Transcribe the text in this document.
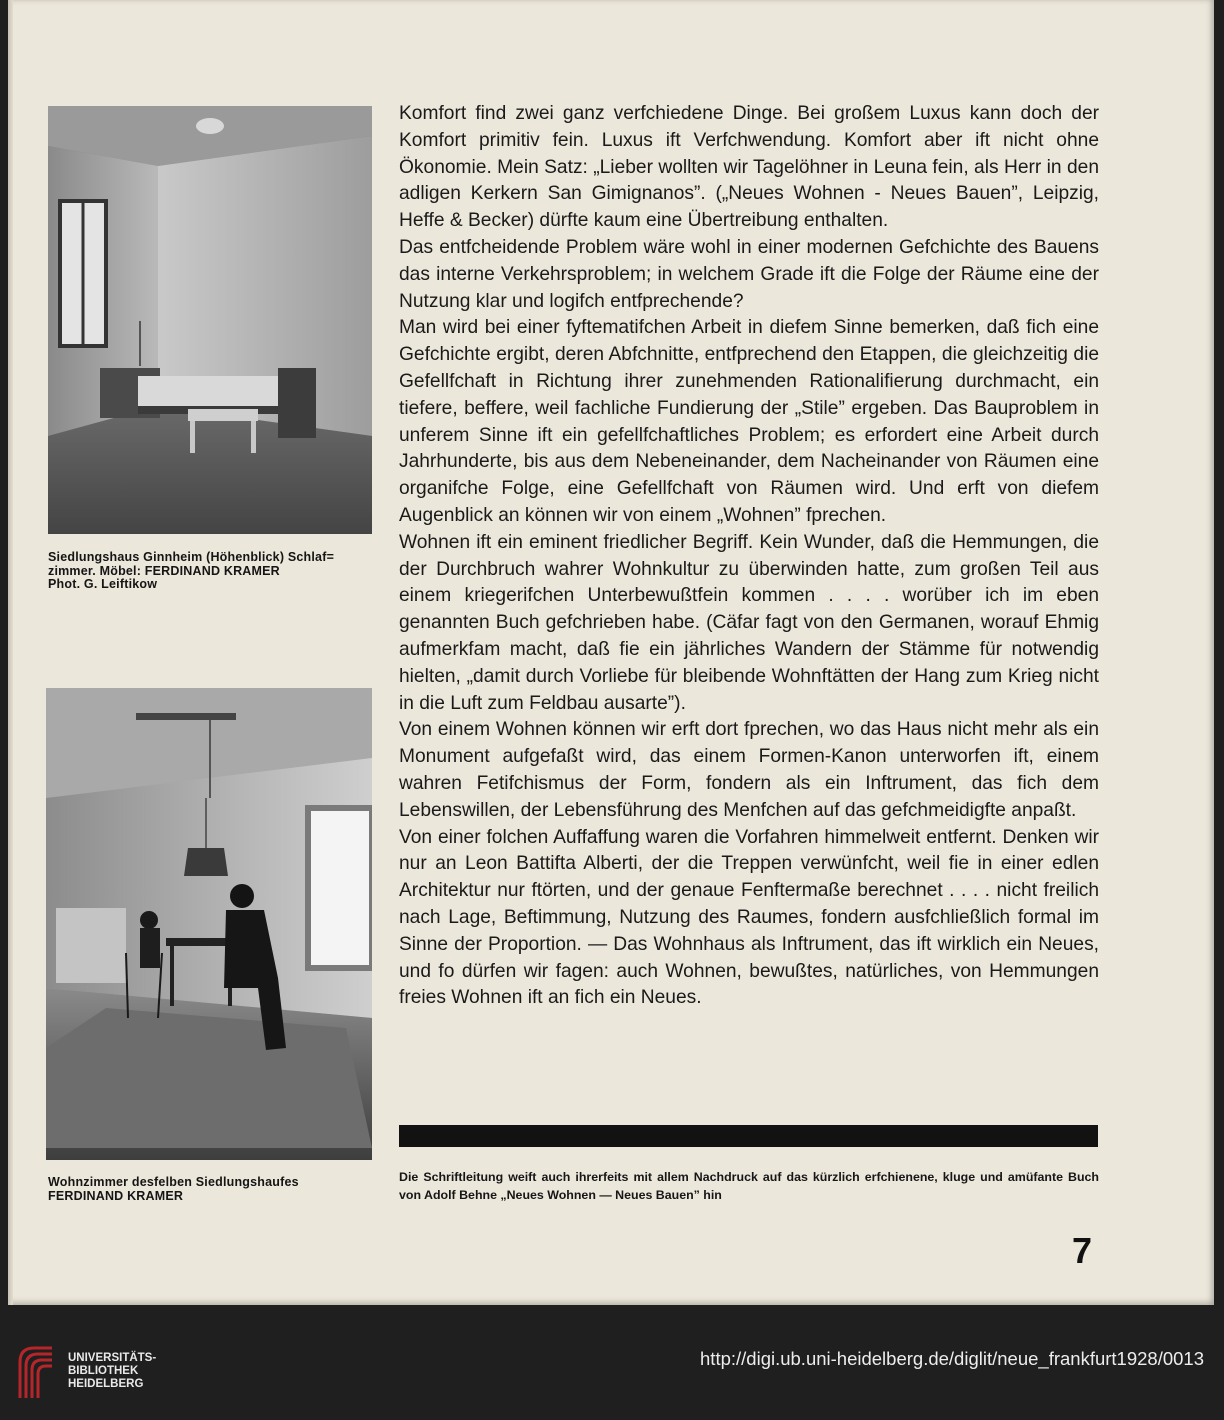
Siedlungshaus Ginnheim (Höhenblick) Schlaf=
zimmer. Möbel: FERDINAND KRAMER
Phot. G. Leiftikow
Wohnzimmer desfelben Siedlungshaufes
FERDINAND KRAMER

Komfort find zwei ganz verfchiedene Dinge. Bei großem Luxus kann doch der Komfort primitiv fein. Luxus ift Verfchwendung. Komfort aber ift nicht ohne Ökonomie. Mein Satz: „Lieber wollten wir Tagelöhner in Leuna fein, als Herr in den adligen Kerkern San Gimignanos”. („Neues Wohnen - Neues Bauen”, Leipzig, Heffe & Becker) dürfte kaum eine Übertreibung enthalten.

Das entfcheidende Problem wäre wohl in einer modernen Gefchichte des Bauens das interne Verkehrsproblem; in welchem Grade ift die Folge der Räume eine der Nutzung klar und logifch entfprechende?

Man wird bei einer fyftematifchen Arbeit in diefem Sinne bemerken, daß fich eine Gefchichte ergibt, deren Abfchnitte, entfprechend den Etappen, die gleichzeitig die Gefellfchaft in Richtung ihrer zunehmenden Rationalifierung durchmacht, ein tiefere, beffere, weil fachliche Fundierung der „Stile” ergeben. Das Bauproblem in unferem Sinne ift ein gefellfchaftliches Problem; es erfordert eine Arbeit durch Jahrhunderte, bis aus dem Nebeneinander, dem Nacheinander von Räumen eine organifche Folge, eine Gefellfchaft von Räumen wird. Und erft von diefem Augenblick an können wir von einem „Wohnen” fprechen.

Wohnen ift ein eminent friedlicher Begriff. Kein Wunder, daß die Hemmungen, die der Durchbruch wahrer Wohnkultur zu überwinden hatte, zum großen Teil aus einem kriegerifchen Unterbewußtfein kommen . . . . worüber ich im eben genannten Buch gefchrieben habe. (Cäfar fagt von den Germanen, worauf Ehmig aufmerkfam macht, daß fie ein jährliches Wandern der Stämme für notwendig hielten, „damit durch Vorliebe für bleibende Wohnftätten der Hang zum Krieg nicht in die Luft zum Feldbau ausarte”).

Von einem Wohnen können wir erft dort fprechen, wo das Haus nicht mehr als ein Monument aufgefaßt wird, das einem Formen-Kanon unterworfen ift, einem wahren Fetifchismus der Form, fondern als ein Inftrument, das fich dem Lebenswillen, der Lebensführung des Menfchen auf das gefchmeidigfte anpaßt.

Von einer folchen Auffaffung waren die Vorfahren himmelweit entfernt. Denken wir nur an Leon Battifta Alberti, der die Treppen verwünfcht, weil fie in einer edlen Architektur nur ftörten, und der genaue Fenftermaße berechnet . . . . nicht freilich nach Lage, Beftimmung, Nutzung des Raumes, fondern ausfchließlich formal im Sinne der Proportion. — Das Wohnhaus als Inftrument, das ift wirklich ein Neues, und fo dürfen wir fagen: auch Wohnen, bewußtes, natürliches, von Hemmungen freies Wohnen ift an fich ein Neues.

Die Schriftleitung weift auch ihrerfeits mit allem Nachdruck auf das kürzlich erfchienene, kluge und amüfante Buch von Adolf Behne „Neues Wohnen — Neues Bauen” hin
7
UNIVERSITÄTS-
BIBLIOTHEK
HEIDELBERG
http://digi.ub.uni-heidelberg.de/diglit/neue_frankfurt1928/0013
